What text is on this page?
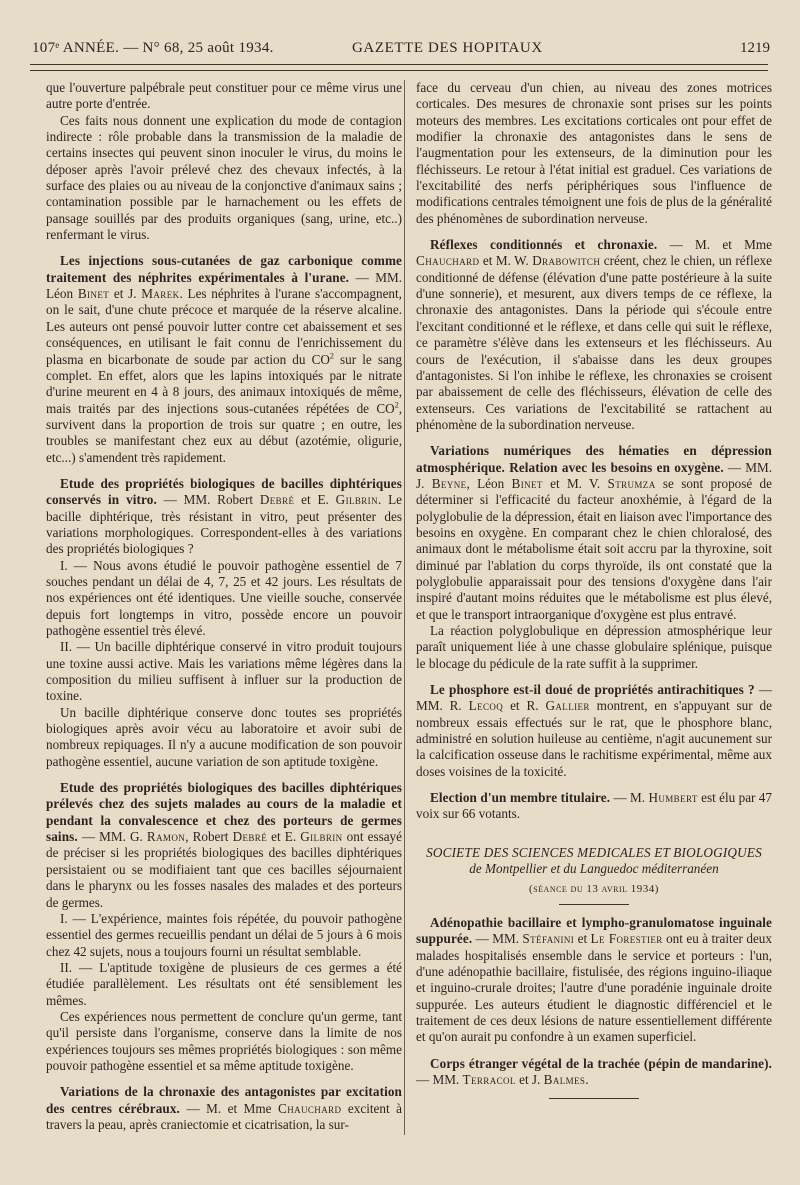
107ᵉ ANNÉE. — N° 68, 25 août 1934.	GAZETTE DES HOPITAUX	1219

que l'ouverture palpébrale peut constituer pour ce même virus une autre porte d'entrée.

Ces faits nous donnent une explication du mode de contagion indirecte : rôle probable dans la transmission de la maladie de certains insectes qui peuvent sinon inoculer le virus, du moins le déposer après l'avoir prélevé chez des chevaux infectés, à la surface des plaies ou au niveau de la conjonctive d'animaux sains ; contamination possible par le harnachement ou les effets de pansage souillés par des produits organiques (sang, urine, etc..) renfermant le virus.

Les injections sous-cutanées de gaz carbonique comme traitement des néphrites expérimentales à l'urane. — MM. Léon Binet et J. Marek. Les néphrites à l'urane s'accompagnent, on le sait, d'une chute précoce et marquée de la réserve alcaline. Les auteurs ont pensé pouvoir lutter contre cet abaissement et ses conséquences, en utilisant le fait connu de l'enrichissement du plasma en bicarbonate de soude par action du $CO^2$ sur le sang complet. En effet, alors que les lapins intoxiqués par le nitrate d'urine meurent en 4 à 8 jours, des animaux intoxiqués de même, mais traités par des injections sous-cutanées répétées de $CO^2$, survivent dans la proportion de trois sur quatre ; en outre, les troubles se manifestant chez eux au début (azotémie, oligurie, etc...) s'amendent très rapidement.

Etude des propriétés biologiques de bacilles diphtériques conservés in vitro. — MM. Robert Debré et E. Gilbrin. Le bacille diphtérique, très résistant in vitro, peut présenter des variations morphologiques. Correspondent-elles à des variations des propriétés biologiques ?

I. — Nous avons étudié le pouvoir pathogène essentiel de 7 souches pendant un délai de 4, 7, 25 et 42 jours. Les résultats de nos expériences ont été identiques. Une vieille souche, conservée depuis fort longtemps in vitro, possède encore un pouvoir pathogène essentiel très élevé.

II. — Un bacille diphtérique conservé in vitro produit toujours une toxine aussi active. Mais les variations même légères dans la composition du milieu suffisent à influer sur la production de toxine.

Un bacille diphtérique conserve donc toutes ses propriétés biologiques après avoir vécu au laboratoire et avoir subi de nombreux repiquages. Il n'y a aucune modification de son pouvoir pathogène essentiel, aucune variation de son aptitude toxigène.

Etude des propriétés biologiques des bacilles diphtériques prélevés chez des sujets malades au cours de la maladie et pendant la convalescence et chez des porteurs de germes sains. — MM. G. Ramon, Robert Debré et E. Gilbrin ont essayé de préciser si les propriétés biologiques des bacilles diphtériques persistaient ou se modifiaient tant que ces bacilles séjournaient dans le pharynx ou les fosses nasales des malades et des porteurs de germes.

I. — L'expérience, maintes fois répétée, du pouvoir pathogène essentiel des germes recueillis pendant un délai de 5 jours à 6 mois chez 42 sujets, nous a toujours fourni un résultat semblable.

II. — L'aptitude toxigène de plusieurs de ces germes a été étudiée parallèlement. Les résultats ont été sensiblement les mêmes.

Ces expériences nous permettent de conclure qu'un germe, tant qu'il persiste dans l'organisme, conserve dans la limite de nos expériences toujours ses mêmes propriétés biologiques : son même pouvoir pathogène essentiel et sa même aptitude toxigène.

Variations de la chronaxie des antagonistes par excitation des centres cérébraux. — M. et Mme Chauchard excitent à travers la peau, après craniectomie et cicatrisation, la sur-

face du cerveau d'un chien, au niveau des zones motrices corticales. Des mesures de chronaxie sont prises sur les points moteurs des membres. Les excitations corticales ont pour effet de modifier la chronaxie des antagonistes dans le sens de l'augmentation pour les extenseurs, de la diminution pour les fléchisseurs. Le retour à l'état initial est graduel. Ces variations de l'excitabilité des nerfs périphériques sous l'influence de modifications centrales témoignent une fois de plus de la généralité des phénomènes de subordination nerveuse.

Réflexes conditionnés et chronaxie. — M. et Mme Chauchard et M. W. Drabowitch créent, chez le chien, un réflexe conditionné de défense (élévation d'une patte postérieure à la suite d'une sonnerie), et mesurent, aux divers temps de ce réflexe, la chronaxie des antagonistes. Dans la période qui s'écoule entre l'excitant conditionné et le réflexe, et dans celle qui suit le réflexe, ce paramètre s'élève dans les extenseurs et les fléchisseurs. Au cours de l'exécution, il s'abaisse dans les deux groupes d'antagonistes. Si l'on inhibe le réflexe, les chronaxies se croisent par abaissement de celle des fléchisseurs, élévation de celle des extenseurs. Ces variations de l'excitabilité se rattachent au phénomène de la subordination nerveuse.

Variations numériques des hématies en dépression atmosphérique. Relation avec les besoins en oxygène. — MM. J. Beyne, Léon Binet et M. V. Strumza se sont proposé de déterminer si l'efficacité du facteur anoxhémie, à l'égard de la polyglobulie de la dépression, était en liaison avec l'importance des besoins en oxygène. En comparant chez le chien chloralosé, des animaux dont le métabolisme était soit accru par la thyroxine, soit diminué par l'ablation du corps thyroïde, ils ont constaté que la polyglobulie apparaissait pour des tensions d'oxygène dans l'air inspiré d'autant moins réduites que le métabolisme est plus élevé, et que le transport intraorganique d'oxygène est plus entravé.

La réaction polyglobulique en dépression atmosphérique leur paraît uniquement liée à une chasse globulaire splénique, puisque le blocage du pédicule de la rate suffit à la supprimer.

Le phosphore est-il doué de propriétés antirachitiques ? — MM. R. Lecoq et R. Gallier montrent, en s'appuyant sur de nombreux essais effectués sur le rat, que le phosphore blanc, administré en solution huileuse au centième, n'agit aucunement sur la calcification osseuse dans le rachitisme expérimental, même aux doses voisines de la toxicité.

Election d'un membre titulaire. — M. Humbert est élu par 47 voix sur 66 votants.

SOCIETE DES SCIENCES MEDICALES ET BIOLOGIQUES
de Montpellier et du Languedoc méditerranéen
(séance du 13 avril 1934)

Adénopathie bacillaire et lympho-granulomatose inguinale suppurée. — MM. Stéfanini et Le Forestier ont eu à traiter deux malades hospitalisés ensemble dans le service et porteurs : l'un, d'une adénopathie bacillaire, fistulisée, des régions inguino-iliaque et inguino-crurale droites; l'autre d'une poradénie inguinale droite suppurée. Les auteurs étudient le diagnostic différenciel et le traitement de ces deux lésions de nature essentiellement différente et qu'on aurait pu confondre à un examen superficiel.

Corps étranger végétal de la trachée (pépin de mandarine). — MM. Terracol et J. Balmes.
